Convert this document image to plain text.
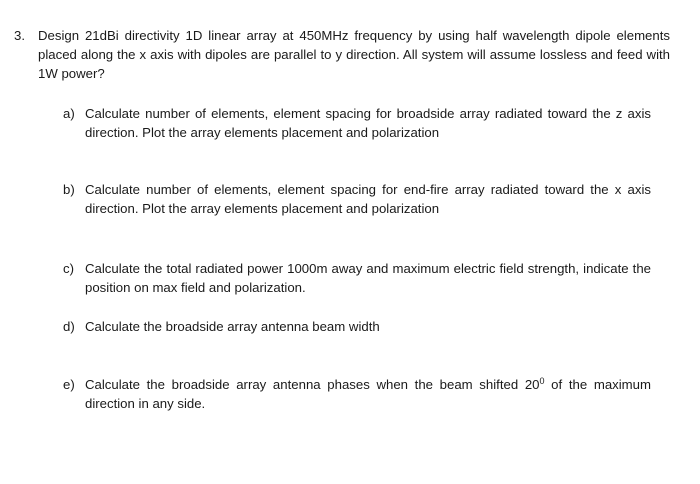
3. Design 21dBi directivity 1D linear array at 450MHz frequency by using half wavelength dipole elements placed along the x axis with dipoles are parallel to y direction. All system will assume lossless and feed with 1W power?
a) Calculate number of elements, element spacing for broadside array radiated toward the z axis direction. Plot the array elements placement and polarization
b) Calculate number of elements, element spacing for end-fire array radiated toward the x axis direction. Plot the array elements placement and polarization
c) Calculate the total radiated power 1000m away and maximum electric field strength, indicate the position on max field and polarization.
d) Calculate the broadside array antenna beam width
e) Calculate the broadside array antenna phases when the beam shifted $20^0$ of the maximum direction in any side.
